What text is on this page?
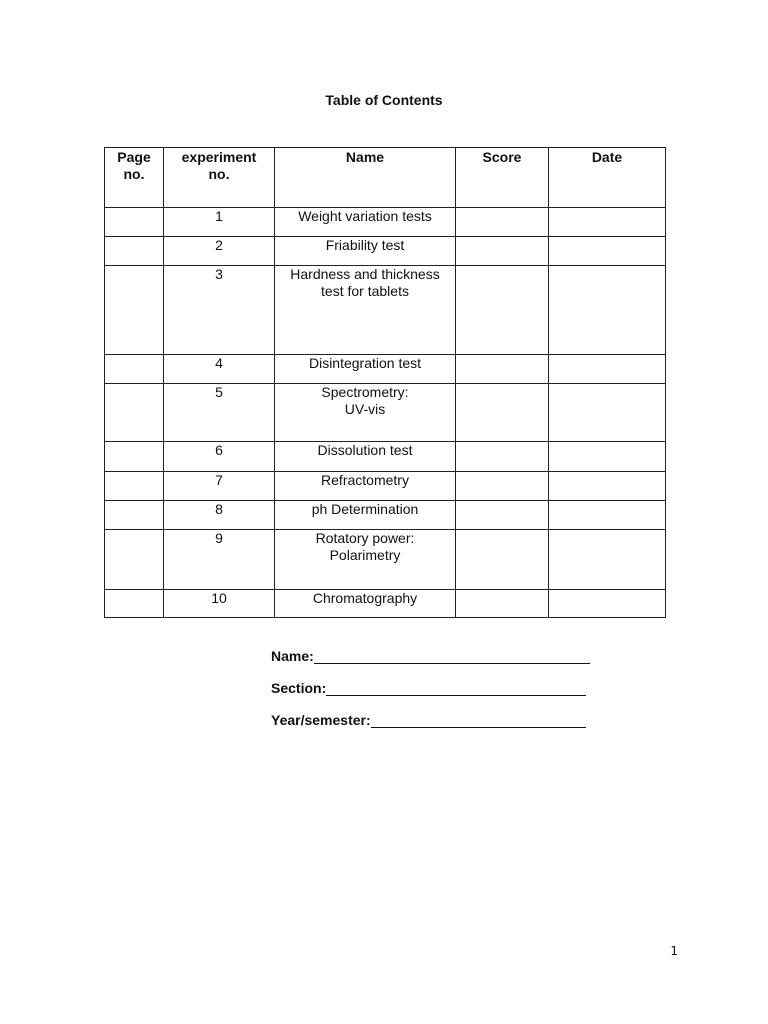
Table of Contents
Page no.	experiment no.	Name	Score	Date
	1	Weight variation tests		
	2	Friability test		
	3	Hardness and thickness test for tablets		
	4	Disintegration test		
	5	Spectrometry: UV-vis		
	6	Dissolution test		
	7	Refractometry		
	8	ph Determination		
	9	Rotatory power: Polarimetry		
	10	Chromatography		
Name:
Section:
Year/semester:
1
